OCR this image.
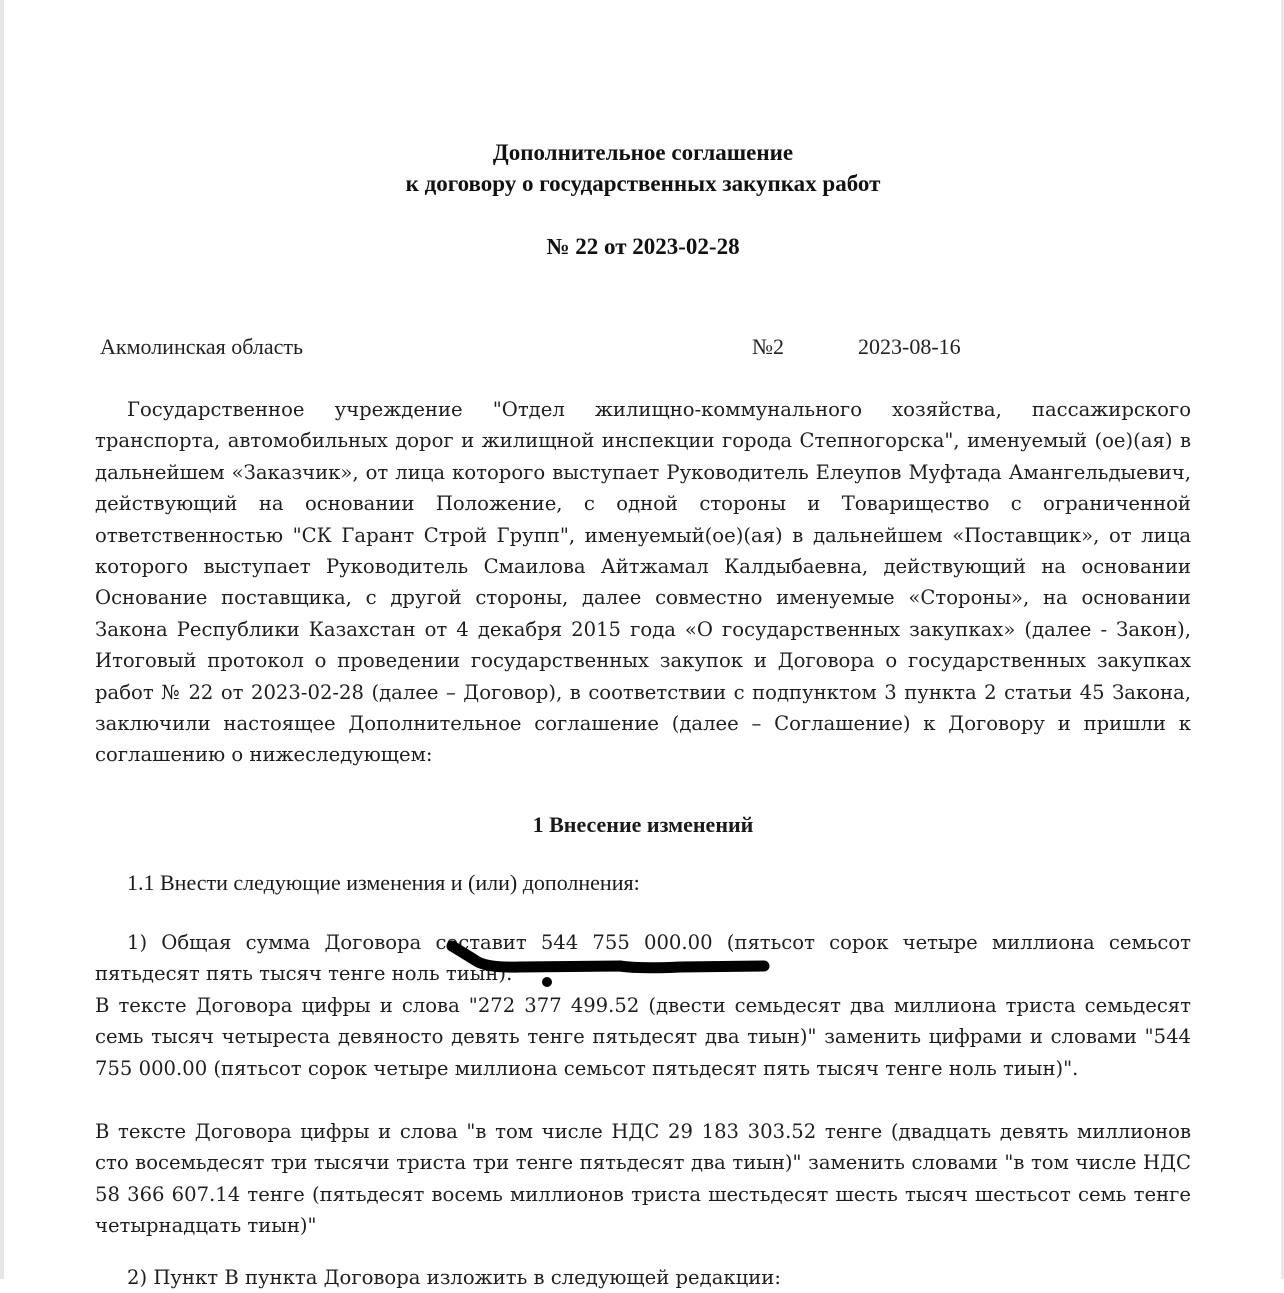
Дополнительное соглашение
к договору о государственных закупках работ
№ 22 от 2023-02-28
Акмолинская область	№2	2023-08-16
Государственное учреждение "Отдел жилищно-коммунального хозяйства, пассажирского транспорта, автомобильных дорог и жилищной инспекции города Степногорска", именуемый (ое)(ая) в дальнейшем «Заказчик», от лица которого выступает Руководитель Елеупов Муфтада Амангельдыевич, действующий на основании Положение, с одной стороны и Товарищество с ограниченной ответственностью "СК Гарант Строй Групп", именуемый(ое)(ая) в дальнейшем «Поставщик», от лица которого выступает Руководитель Смаилова Айтжамал Калдыбаевна, действующий на основании Основание поставщика, с другой стороны, далее совместно именуемые «Стороны», на основании Закона Республики Казахстан от 4 декабря 2015 года «О государственных закупках» (далее - Закон), Итоговый протокол о проведении государственных закупок и Договора о государственных закупках работ № 22 от 2023-02-28 (далее – Договор), в соответствии с подпунктом 3 пункта 2 статьи 45 Закона, заключили настоящее Дополнительное соглашение (далее – Соглашение) к Договору и пришли к соглашению о нижеследующем:
1 Внесение изменений
1.1 Внести следующие изменения и (или) дополнения:
1) Общая сумма Договора составит 544 755 000.00 (пятьсот сорок четыре миллиона семьсот пятьдесят пять тысяч тенге ноль тиын).
В тексте Договора цифры и слова "272 377 499.52 (двести семьдесят два миллиона триста семьдесят семь тысяч четыреста девяносто девять тенге пятьдесят два тиын)" заменить цифрами и словами "544 755 000.00 (пятьсот сорок четыре миллиона семьсот пятьдесят пять тысяч тенге ноль тиын)".
В тексте Договора цифры и слова "в том числе НДС 29 183 303.52 тенге (двадцать девять миллионов сто восемьдесят три тысячи триста три тенге пятьдесят два тиын)" заменить словами "в том числе НДС 58 366 607.14 тенге (пятьдесят восемь миллионов триста шестьдесят шесть тысяч шестьсот семь тенге четырнадцать тиын)"
2) Пункт В пункта Договора изложить в следующей редакции:
